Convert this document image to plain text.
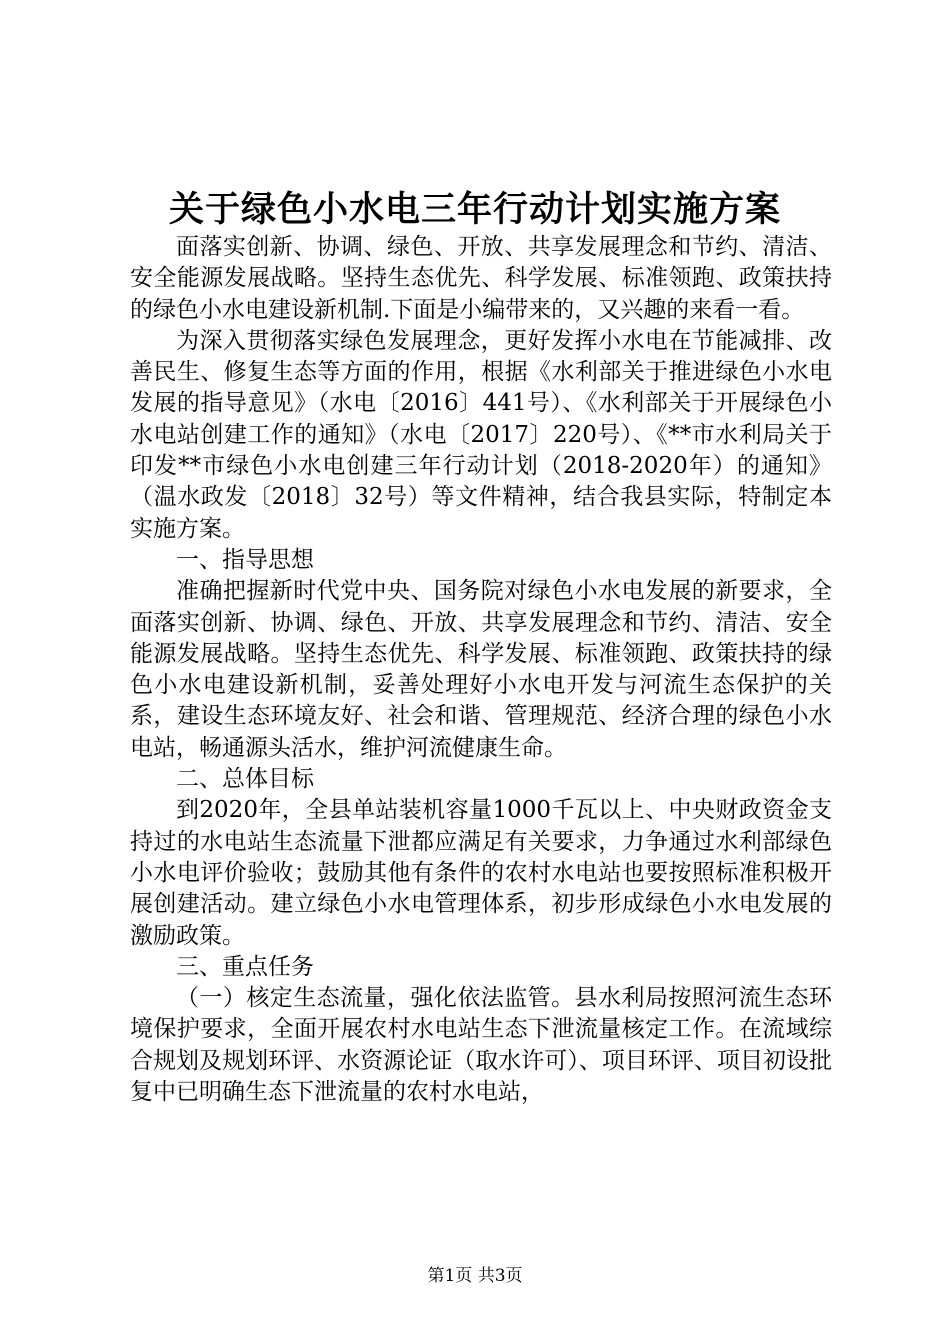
关于绿色小水电三年行动计划实施方案

面落实创新、协调、绿色、开放、共享发展理念和节约、清洁、安全能源发展战略。坚持生态优先、科学发展、标准领跑、政策扶持的绿色小水电建设新机制.下面是小编带来的，又兴趣的来看一看。

为深入贯彻落实绿色发展理念，更好发挥小水电在节能减排、改善民生、修复生态等方面的作用，根据《水利部关于推进绿色小水电发展的指导意见》（水电〔2016〕441号）、《水利部关于开展绿色小水电站创建工作的通知》（水电〔2017〕220号）、《**市水利局关于印发**市绿色小水电创建三年行动计划（2018-2020年）的通知》（温水政发〔2018〕32号）等文件精神，结合我县实际，特制定本实施方案。

一、指导思想

准确把握新时代党中央、国务院对绿色小水电发展的新要求，全面落实创新、协调、绿色、开放、共享发展理念和节约、清洁、安全能源发展战略。坚持生态优先、科学发展、标准领跑、政策扶持的绿色小水电建设新机制，妥善处理好小水电开发与河流生态保护的关系，建设生态环境友好、社会和谐、管理规范、经济合理的绿色小水电站，畅通源头活水，维护河流健康生命。

二、总体目标

到2020年，全县单站装机容量1000千瓦以上、中央财政资金支持过的水电站生态流量下泄都应满足有关要求，力争通过水利部绿色小水电评价验收；鼓励其他有条件的农村水电站也要按照标准积极开展创建活动。建立绿色小水电管理体系，初步形成绿色小水电发展的激励政策。

三、重点任务

（一）核定生态流量，强化依法监管。县水利局按照河流生态环境保护要求，全面开展农村水电站生态下泄流量核定工作。在流域综合规划及规划环评、水资源论证（取水许可）、项目环评、项目初设批复中已明确生态下泄流量的农村水电站，

第1页 共3页
